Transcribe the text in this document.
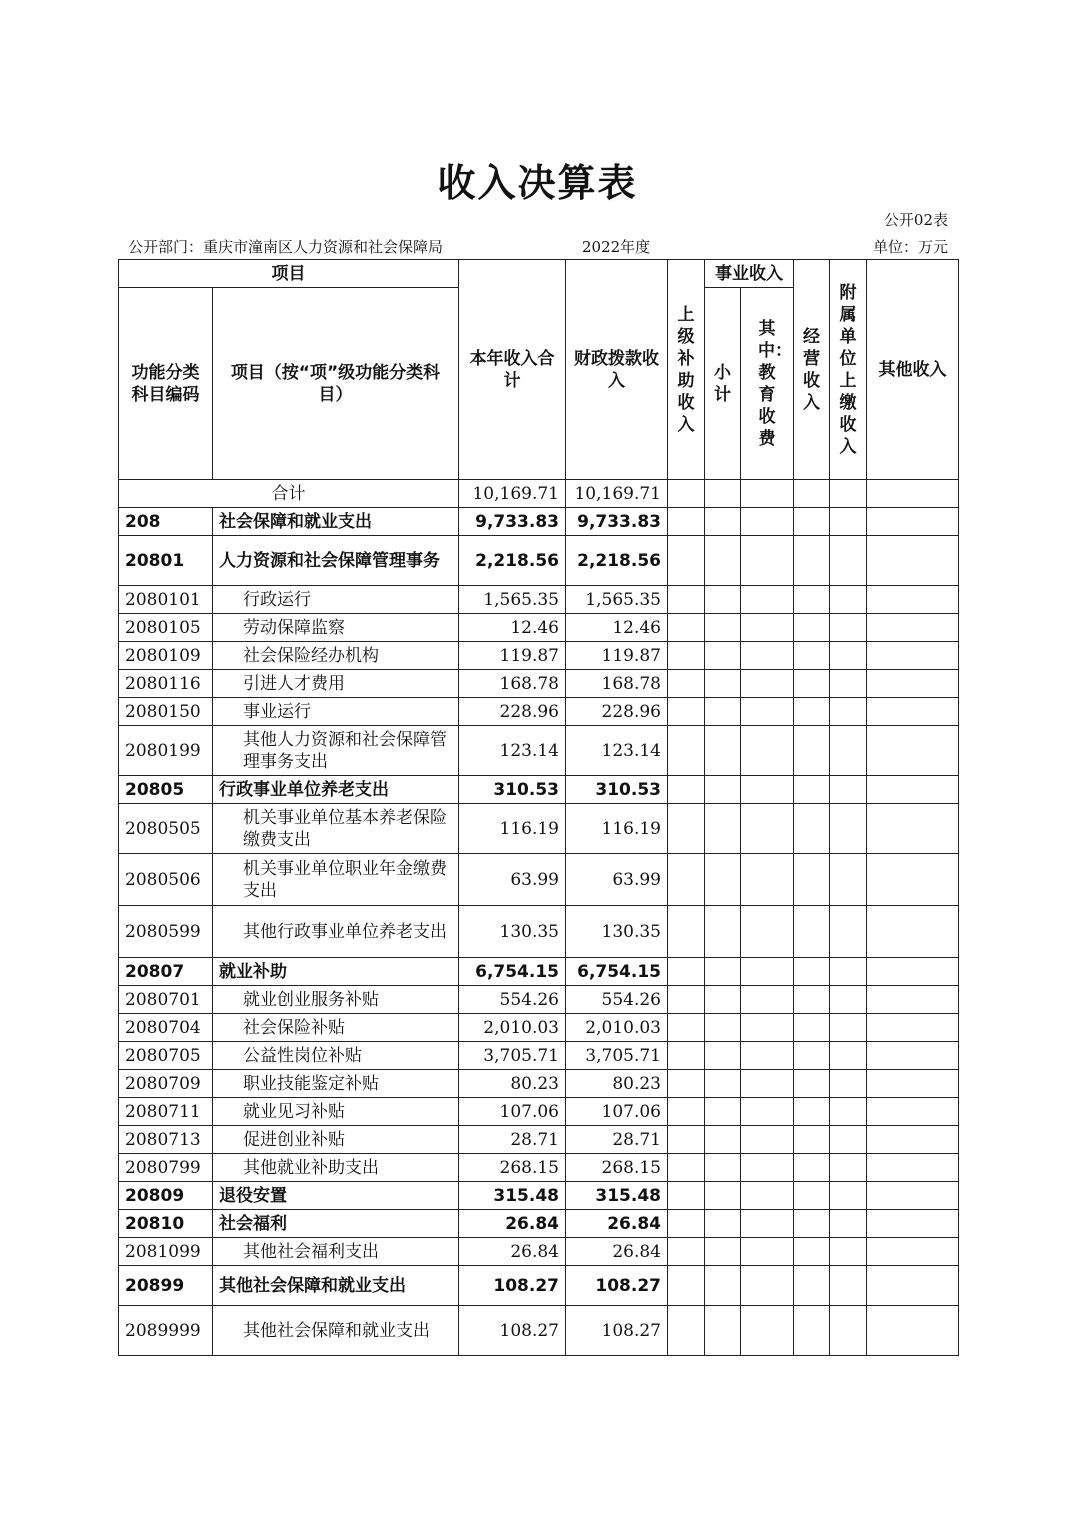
收入决算表
公开02表
公开部门：重庆市潼南区人力资源和社会保障局	2022年度	单位：万元
项目		本年收入合计	财政拨款收入	上级补助收入	事业收入		经营收入	附属单位上缴收入	其他收入
功能分类科目编码	项目（按“项”级功能分类科目）				小计	其中：教育收费			

合计		10,169.71	10,169.71						
208	社会保障和就业支出	9,733.83	9,733.83						
20801	人力资源和社会保障管理事务	2,218.56	2,218.56						
2080101	行政运行	1,565.35	1,565.35						
2080105	劳动保障监察	12.46	12.46						
2080109	社会保险经办机构	119.87	119.87						
2080116	引进人才费用	168.78	168.78						
2080150	事业运行	228.96	228.96						
2080199	其他人力资源和社会保障管理事务支出	123.14	123.14						
20805	行政事业单位养老支出	310.53	310.53						
2080505	机关事业单位基本养老保险缴费支出	116.19	116.19						
2080506	机关事业单位职业年金缴费支出	63.99	63.99						
2080599	其他行政事业单位养老支出	130.35	130.35						
20807	就业补助	6,754.15	6,754.15						
2080701	就业创业服务补贴	554.26	554.26						
2080704	社会保险补贴	2,010.03	2,010.03						
2080705	公益性岗位补贴	3,705.71	3,705.71						
2080709	职业技能鉴定补贴	80.23	80.23						
2080711	就业见习补贴	107.06	107.06						
2080713	促进创业补贴	28.71	28.71						
2080799	其他就业补助支出	268.15	268.15						
20809	退役安置	315.48	315.48						
20810	社会福利	26.84	26.84						
2081099	其他社会福利支出	26.84	26.84						
20899	其他社会保障和就业支出	108.27	108.27						
2089999	其他社会保障和就业支出	108.27	108.27						
